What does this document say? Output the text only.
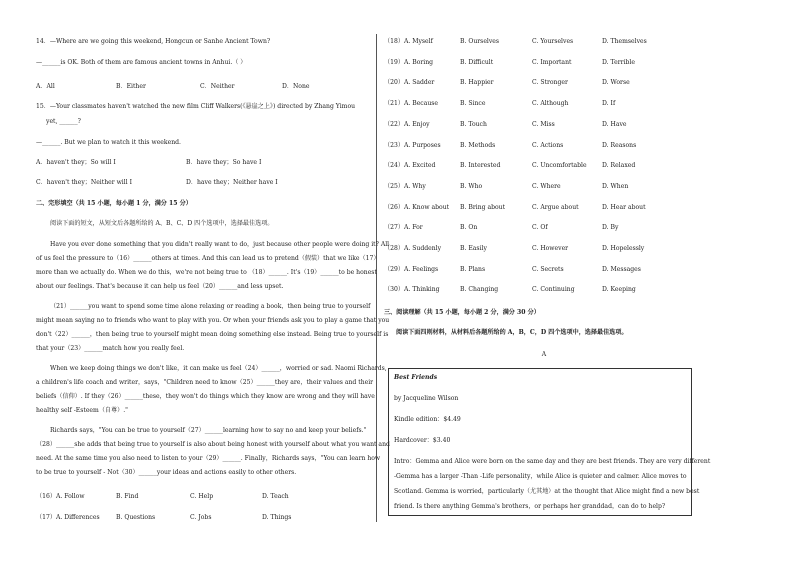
14．—Where are we going this weekend, Hongcun or Sanhe Ancient Town?
—______is OK. Both of them are famous ancient towns in Anhui.（ ）
A．All	B．Either	C．Neither	D．None
15．—Your classmates haven't watched the new film Cliff Walkers(《悬崖之上》) directed by Zhang Yimou
yet, ______?
—______. But we plan to watch it this weekend.
A．haven't they；So will I	B．have they；So have I
C．haven't they；Neither will I	D．have they；Neither have I
二、完形填空（共 15 小题，每小题 1 分，满分 15 分）
阅读下面的短文，从短文后各题所给的 A、B、C、D 四个选项中，选择最佳选项。
Have you ever done something that you didn't really want to do，just because other people were doing it? All
of us feel the pressure to（16）______others at times. And this can lead us to pretend（假装）that we like（17）
more than we actually do. When we do this，we're not being true to （18）______. It's（19）______to be honest
about our feelings. That's because it can help us feel（20）______and less upset.
（21）______you want to spend some time alone relaxing or reading a book，then being true to yourself
might mean saying no to friends who want to play with you. Or when your friends ask you to play a game that you
don't（22）______，then being true to yourself might mean doing something else instead. Being true to yourself is
that your（23）______match how you really feel.
When we keep doing things we don't like，it can make us feel（24）______，worried or sad. Naomi Richards,
a children's life coach and writer，says，"Children need to know（25）______they are，their values and their
beliefs（信仰）. If they（26）______these，they won't do things which they know are wrong and they will have
healthy self -Esteem（自尊）."
Richards says，"You can be true to yourself（27）______learning how to say no and keep your beliefs."
（28）______she adds that being true to yourself is also about being honest with yourself about what you want and
need. At the same time you also need to listen to your（29）______. Finally，Richards says，"You can learn how
to be true to yourself - Not（30）______your ideas and actions easily to other others.
（16）A. Follow	B. Find	C. Help	D. Teach
（17）A. Differences	B. Questions	C. Jobs	D. Things
（18）A. Myself	B. Ourselves	C. Yourselves	D. Themselves
（19）A. Boring	B. Difficult	C. Important	D. Terrible
（20）A. Sadder	B. Happier	C. Stronger	D. Worse
（21）A. Because	B. Since	C. Although	D. If
（22）A. Enjoy	B. Touch	C. Miss	D. Have
（23）A. Purposes	B. Methods	C. Actions	D. Reasons
（24）A. Excited	B. Interested	C. Uncomfortable	D. Relaxed
（25）A. Why	B. Who	C. Where	D. When
（26）A. Know about B. Bring about	C. Argue about	D. Hear about
（27）A. For	B. On	C. Of	D. By
（28）A. Suddenly	B. Easily	C. However	D. Hopelessly
（29）A. Feelings	B. Plans	C. Secrets	D. Messages
（30）A. Thinking	B. Changing	C. Continuing	D. Keeping
三、阅读理解（共 15 小题，每小题 2 分，满分 30 分）
阅读下面四则材料，从材料后各题所给的 A，B，C，D 四个选项中，选择最佳选项。
A
Best Friends
by Jacqueline Wilson
Kindle edition：$4.49
Hardcover：$3.40
Intro：Gemma and Alice were born on the same day and they are best friends. They are very different
-Gemma has a larger -Than -Life personality，while Alice is quieter and calmer. Alice moves to
Scotland. Gemma is worried，particularly（尤其地）at the thought that Alice might find a new best
friend. Is there anything Gemma's brothers，or perhaps her granddad，can do to help?
